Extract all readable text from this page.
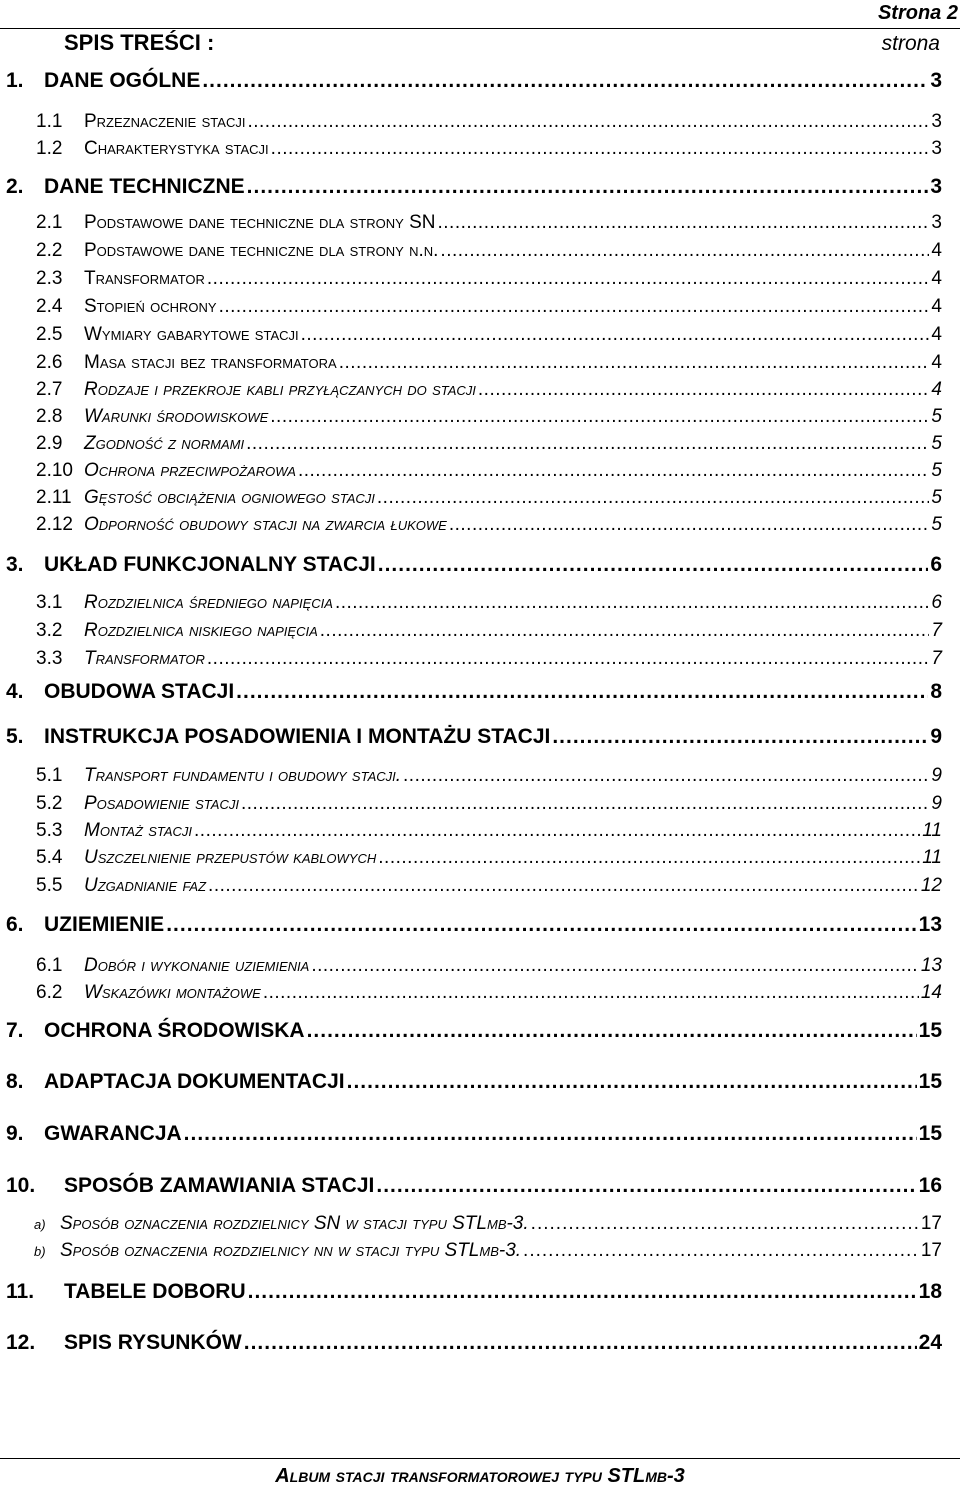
Strona 2
SPIS TREŚCI :	strona
1. DANE OGÓLNE .....	3
1.1	Przeznaczenie stacji .....	3
1.2	Charakterystyka stacji .....	3
2. DANE TECHNICZNE .....	3
2.1	Podstawowe dane techniczne dla strony SN .....	3
2.2	Podstawowe dane techniczne dla strony n.n. .....	4
2.3	Transformator .....	4
2.4	Stopień ochrony .....	4
2.5	Wymiary gabarytowe stacji .....	4
2.6	Masa stacji bez transformatora .....	4
2.7	Rodzaje i przekroje kabli przyłączanych do stacji .....	4
2.8	Warunki środowiskowe .....	5
2.9	Zgodność z normami .....	5
2.10 Ochrona przeciwpożarowa .....	5
2.11 Gęstość obciążenia ogniowego stacji .....	5
2.12 Odporność obudowy stacji na zwarcia łukowe .....	5
3. UKŁAD FUNKCJONALNY STACJI .....	6
3.1	Rozdzielnica średniego napięcia .....	6
3.2	Rozdzielnica niskiego napięcia .....	7
3.3	Transformator .....	7
4. OBUDOWA STACJI .....	8
5. INSTRUKCJA POSADOWIENIA I MONTAŻU STACJI .....	9
5.1	Transport fundamentu i obudowy stacji. .....	9
5.2	Posadowienie stacji .....	9
5.3	Montaż stacji .....	11
5.4	Uszczelnienie przepustów kablowych .....	11
5.5	Uzgadnianie faz .....	12
6. UZIEMIENIE .....	13
6.1	Dobór i wykonanie uziemienia .....	13
6.2	Wskazówki montażowe .....	14
7. OCHRONA ŚRODOWISKA .....	15
8. ADAPTACJA DOKUMENTACJI .....	15
9. GWARANCJA .....	15
10.	SPOSÓB ZAMAWIANIA STACJI .....	16
a) Sposób oznaczenia rozdzielnicy SN w stacji typu STLmb-3. .....	17
b) Sposób oznaczenia rozdzielnicy nn w stacji typu STLmb-3. .....	17
11.	TABELE DOBORU .....	18
12.	SPIS RYSUNKÓW .....	24
Album stacji transformatorowej typu STLmb-3
